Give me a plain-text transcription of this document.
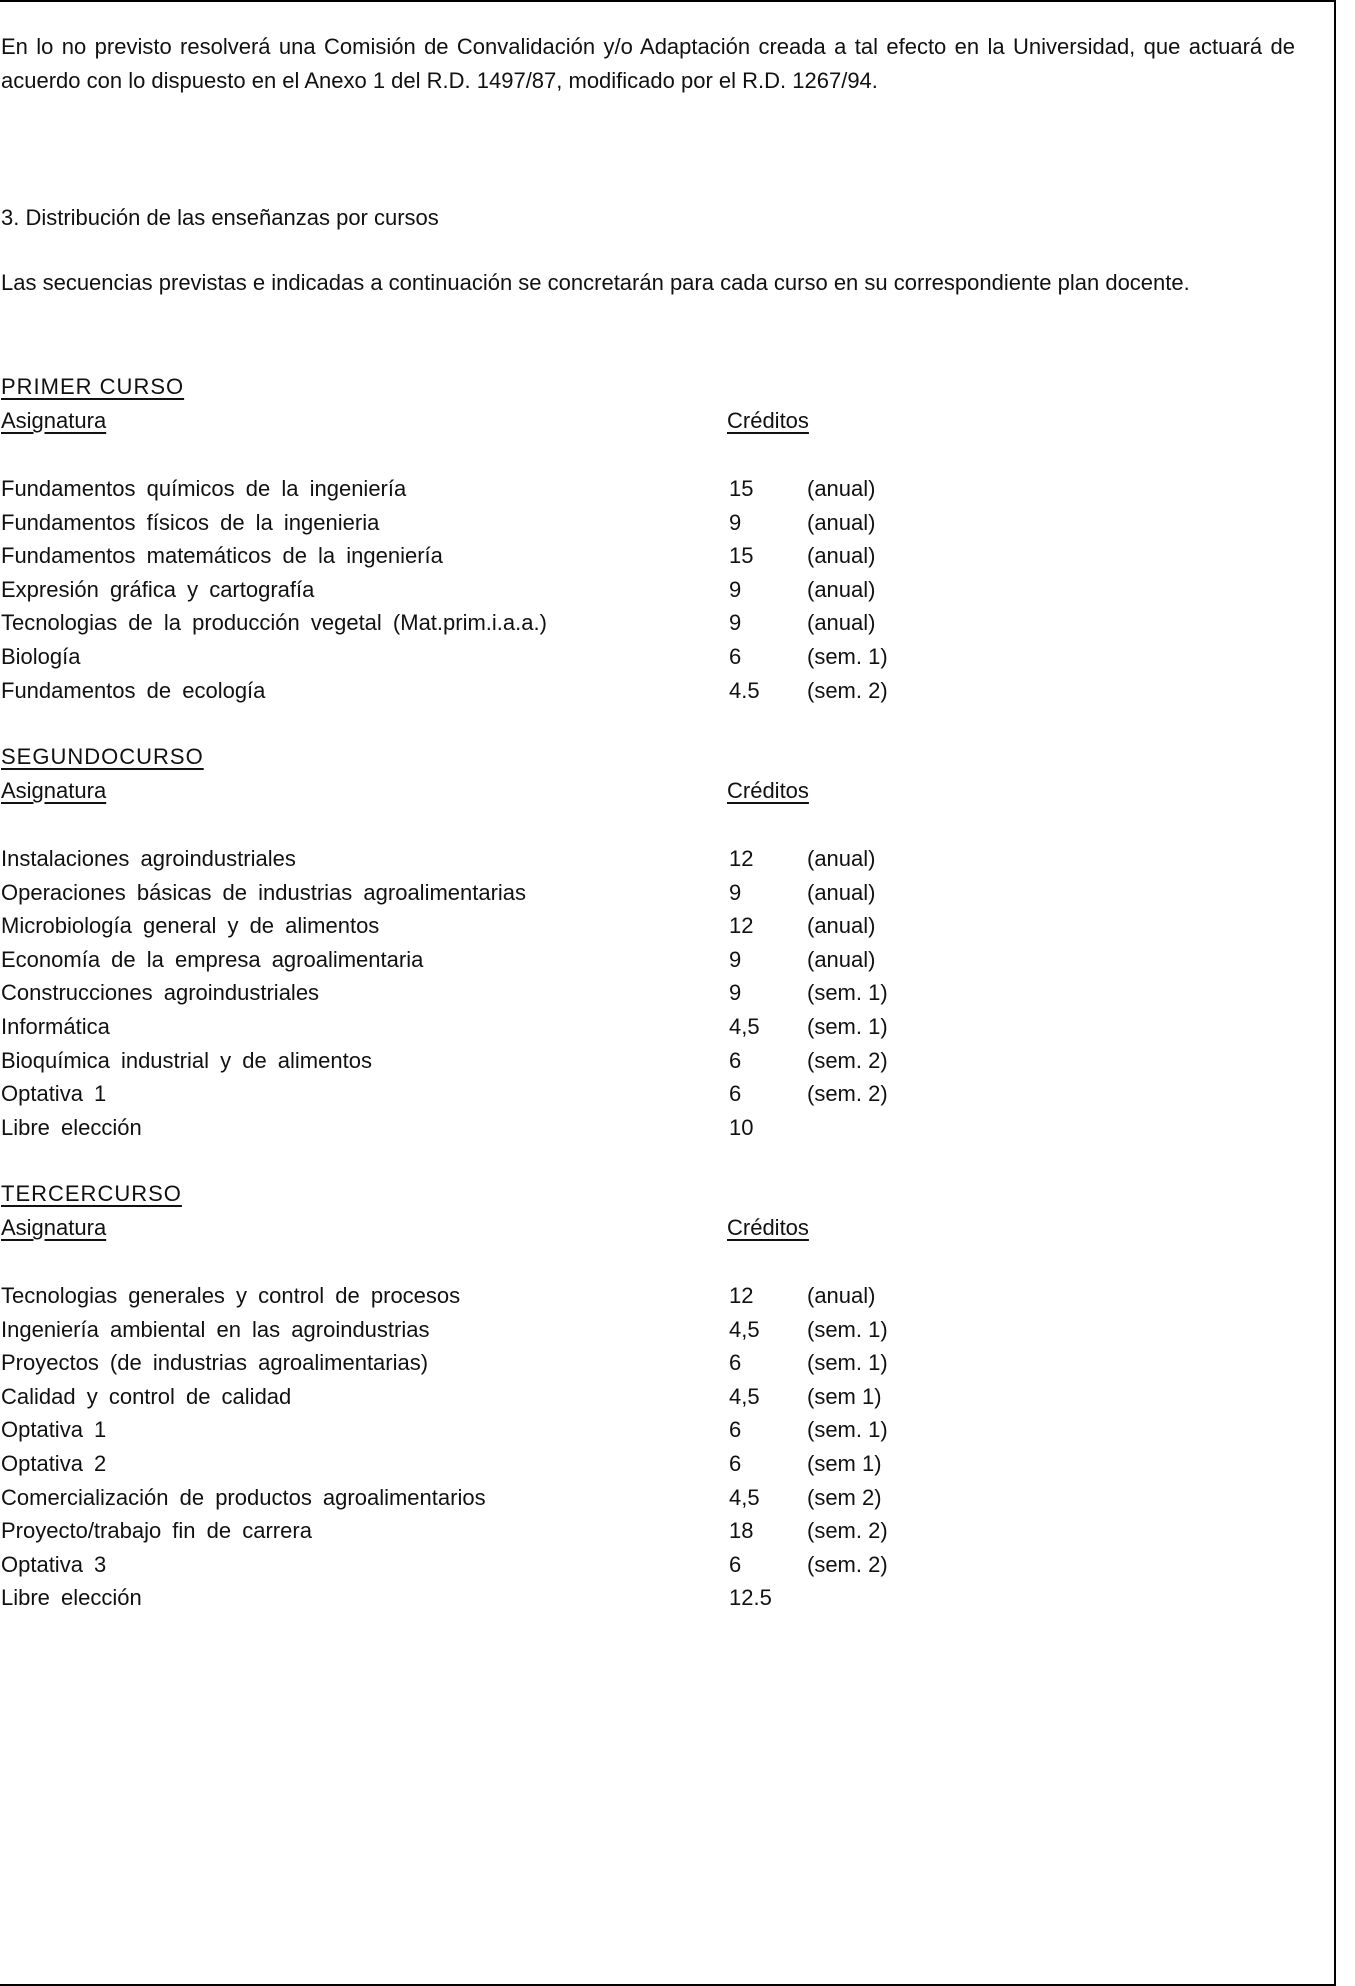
En lo no previsto resolverá una Comisión de Convalidación y/o Adaptación creada a tal efecto en la Universidad, que actuará de acuerdo con lo dispuesto en el Anexo 1 del R.D. 1497/87, modificado por el R.D. 1267/94.

3. Distribución de las enseñanzas por cursos

Las secuencias previstas e indicadas a continuación se concretarán para cada curso en su correspondiente plan docente.

PRIMER CURSO
Asignatura	Créditos
Fundamentos químicos de la ingeniería	15 (anual)
Fundamentos físicos de la ingenieria	9	(anual)
Fundamentos matemáticos de la ingeniería	15 (anual)
Expresión gráfica y cartografía	9	(anual)
Tecnologias de la producción vegetal (Mat.prim.i.a.a.)	9	(anual)
Biología	6	(sem. 1)
Fundamentos de ecología	4.5 (sem. 2)
SEGUNDOCURSO
Asignatura	Créditos
Instalaciones agroindustriales	12 (anual)
Operaciones básicas de industrias agroalimentarias	9	(anual)
Microbiología general y de alimentos	12 (anual)
Economía de la empresa agroalimentaria	9	(anual)
Construcciones agroindustriales	9	(sem. 1)
Informática	4,5 (sem. 1)
Bioquímica industrial y de alimentos	6	(sem. 2)
Optativa 1	6	(sem. 2)
Libre elección	10
TERCERCURSO
Asignatura	Créditos
Tecnologias generales y control de procesos	12 (anual)
Ingeniería ambiental en las agroindustrias	4,5 (sem. 1)
Proyectos (de industrias agroalimentarias)	6	(sem. 1)
Calidad y control de calidad	4,5 (sem 1)
Optativa 1	6	(sem. 1)
Optativa 2	6	(sem 1)
Comercialización de productos agroalimentarios	4,5 (sem 2)
Proyecto/trabajo fin de carrera	18 (sem. 2)
Optativa 3	6	(sem. 2)
Libre elección	12.5
